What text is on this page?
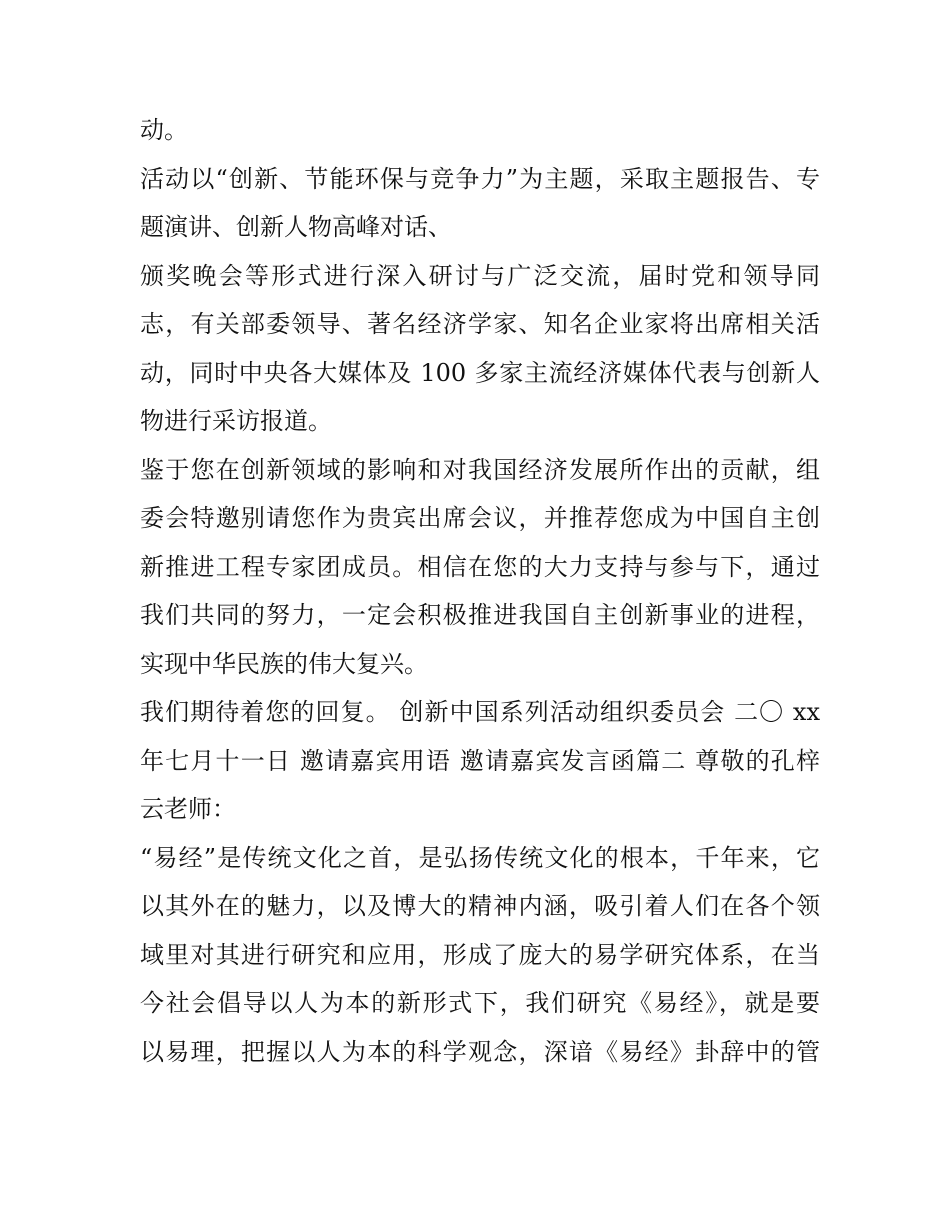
动。
活动以“创新、节能环保与竞争力”为主题，采取主题报告、专
题演讲、创新人物高峰对话、
颁奖晚会等形式进行深入研讨与广泛交流，届时党和领导同
志，有关部委领导、著名经济学家、知名企业家将出席相关活
动，同时中央各大媒体及 100 多家主流经济媒体代表与创新人
物进行采访报道。
鉴于您在创新领域的影响和对我国经济发展所作出的贡献，组
委会特邀别请您作为贵宾出席会议，并推荐您成为中国自主创
新推进工程专家团成员。相信在您的大力支持与参与下，通过
我们共同的努力，一定会积极推进我国自主创新事业的进程，
实现中华民族的伟大复兴。
我们期待着您的回复。 创新中国系列活动组织委员会 二〇 xx
年七月十一日 邀请嘉宾用语 邀请嘉宾发言函篇二 尊敬的孔梓
云老师：
“易经”是传统文化之首，是弘扬传统文化的根本，千年来，它
以其外在的魅力，以及博大的精神内涵，吸引着人们在各个领
域里对其进行研究和应用，形成了庞大的易学研究体系，在当
今社会倡导以人为本的新形式下，我们研究《易经》，就是要
以易理，把握以人为本的科学观念，深谙《易经》卦辞中的管
